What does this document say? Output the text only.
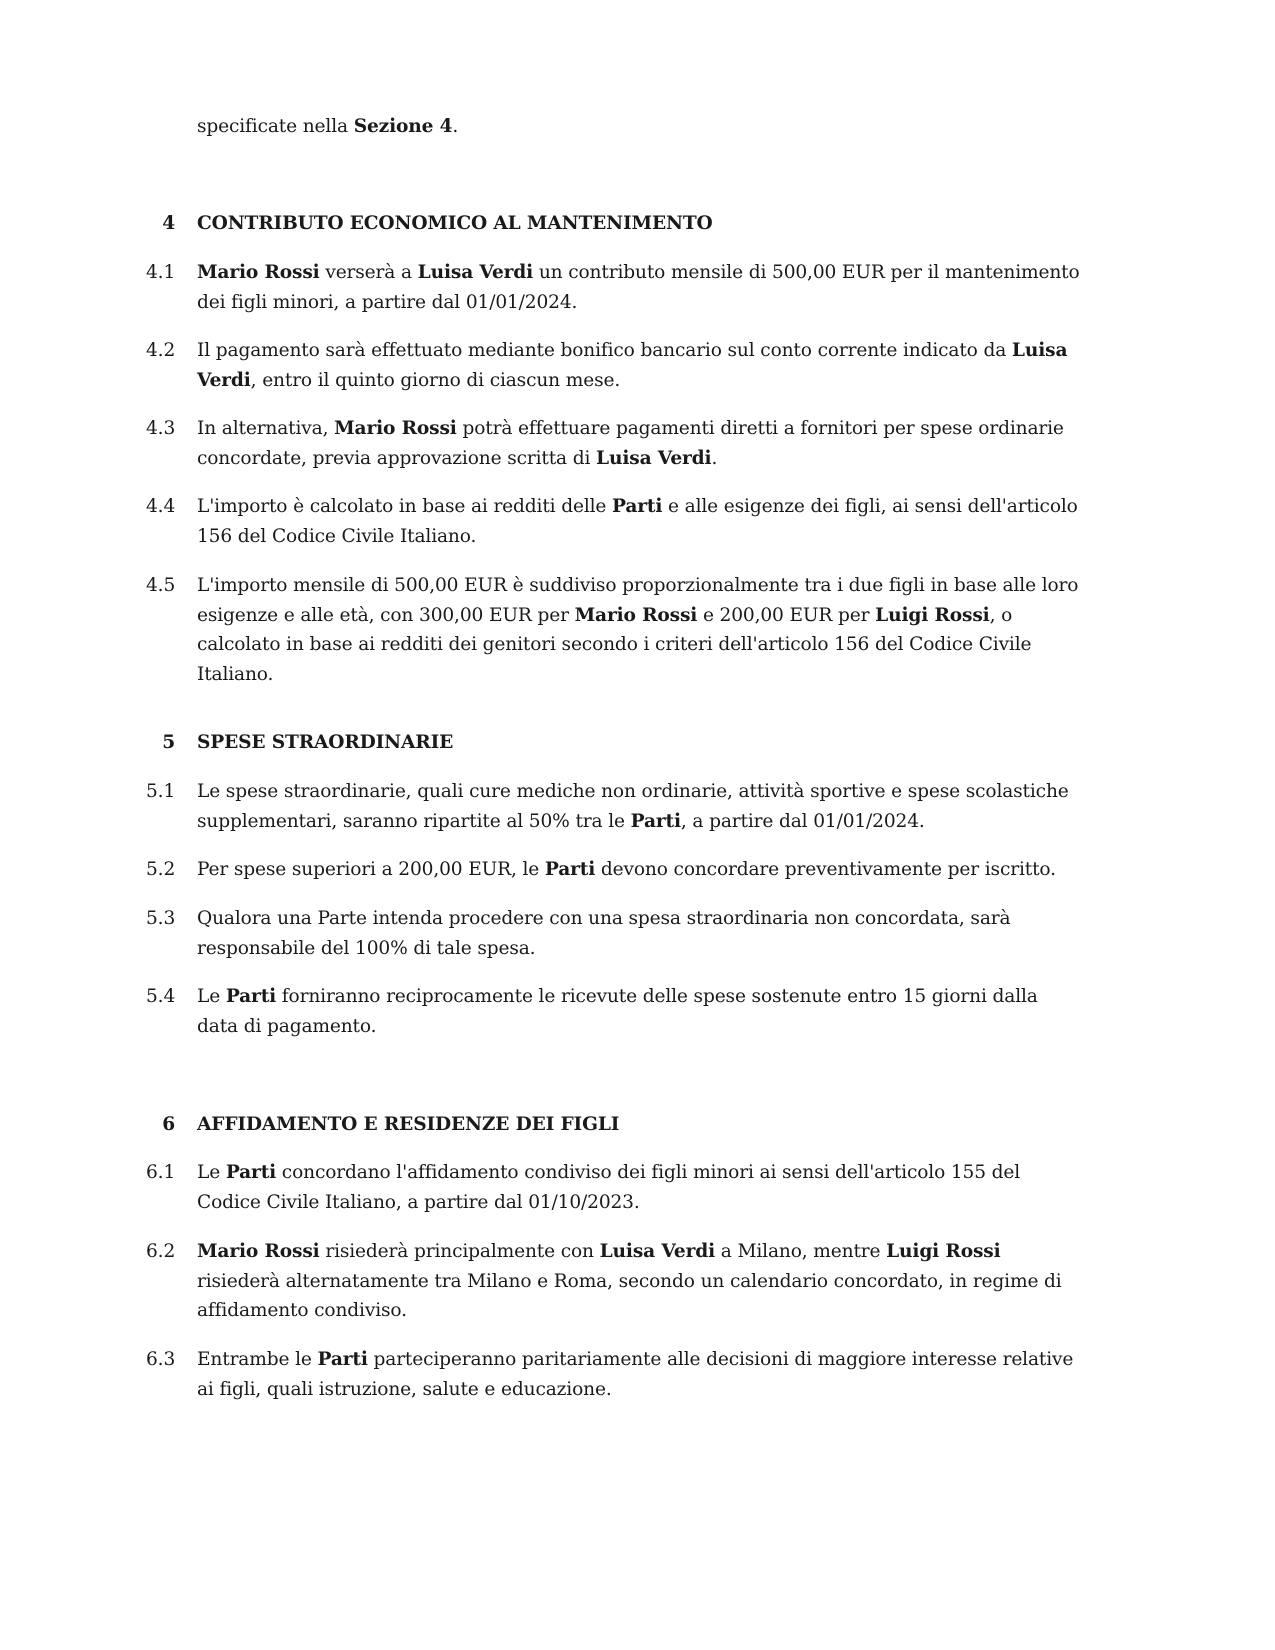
specificate nella Sezione 4.
4	CONTRIBUTO ECONOMICO AL MANTENIMENTO
4.1	Mario Rossi verserà a Luisa Verdi un contributo mensile di 500,00 EUR per il mantenimento dei figli minori, a partire dal 01/01/2024.
4.2	Il pagamento sarà effettuato mediante bonifico bancario sul conto corrente indicato da Luisa Verdi, entro il quinto giorno di ciascun mese.
4.3	In alternativa, Mario Rossi potrà effettuare pagamenti diretti a fornitori per spese ordinarie concordate, previa approvazione scritta di Luisa Verdi.
4.4	L'importo è calcolato in base ai redditi delle Parti e alle esigenze dei figli, ai sensi dell'articolo 156 del Codice Civile Italiano.
4.5	L'importo mensile di 500,00 EUR è suddiviso proporzionalmente tra i due figli in base alle loro esigenze e alle età, con 300,00 EUR per Mario Rossi e 200,00 EUR per Luigi Rossi, o calcolato in base ai redditi dei genitori secondo i criteri dell'articolo 156 del Codice Civile Italiano.
5	SPESE STRAORDINARIE
5.1	Le spese straordinarie, quali cure mediche non ordinarie, attività sportive e spese scolastiche supplementari, saranno ripartite al 50% tra le Parti, a partire dal 01/01/2024.
5.2	Per spese superiori a 200,00 EUR, le Parti devono concordare preventivamente per iscritto.
5.3	Qualora una Parte intenda procedere con una spesa straordinaria non concordata, sarà responsabile del 100% di tale spesa.
5.4	Le Parti forniranno reciprocamente le ricevute delle spese sostenute entro 15 giorni dalla data di pagamento.
6	AFFIDAMENTO E RESIDENZE DEI FIGLI
6.1	Le Parti concordano l'affidamento condiviso dei figli minori ai sensi dell'articolo 155 del Codice Civile Italiano, a partire dal 01/10/2023.
6.2	Mario Rossi risiederà principalmente con Luisa Verdi a Milano, mentre Luigi Rossi risiederà alternatamente tra Milano e Roma, secondo un calendario concordato, in regime di affidamento condiviso.
6.3	Entrambe le Parti parteciperanno paritariamente alle decisioni di maggiore interesse relative ai figli, quali istruzione, salute e educazione.
